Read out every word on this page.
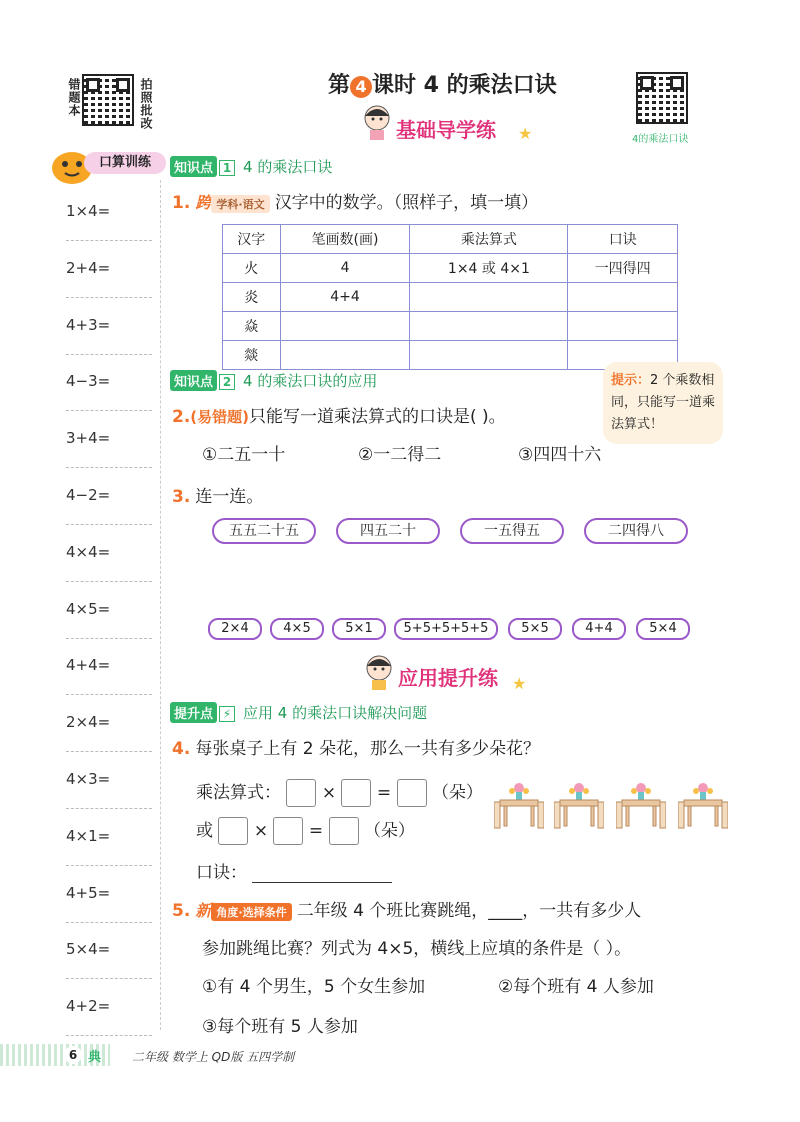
错题本	拍照批改	第 4 课时 4 的乘法口诀
4的乘法口诀
基础导学练 ★
口算训练
1×4=
2+4=
4+3=
4−3=
3+4=
4−2=
4×4=
4×5=
4+4=
2×4=
4×3=
4×1=
4+5=
5×4=
4+2=
知识点 1 4 的乘法口诀
1. 跨 学科·语文 汉字中的数学。（照样子，填一填）
汉字	笔画数(画)	乘法算式	口诀
火	4	1×4 或 4×1	一四得四
炎	4+4		
焱			
燚			
知识点 2 4 的乘法口诀的应用	提示：2 个乘数相同，只能写一道乘法算式！
2.(易错题)只能写一道乘法算式的口诀是( )。
①二五一十	②一二得二	③四四十六
3. 连一连。
五五二十五	四五二十	一五得五	二四得八
2×4	4×5	5×1	5+5+5+5+5	5×5	4+4	5×4
应用提升练 ★
提升点 ⚡ 应用 4 的乘法口诀解决问题
4. 每张桌子上有 2 朵花，那么一共有多少朵花？
乘法算式： × = （朵）
或 × = （朵）
口诀：
5. 新 角度·选择条件 二年级 4 个班比赛跳绳，____，一共有多少人
参加跳绳比赛？列式为 4×5，横线上应填的条件是（ ）。
①有 4 个男生，5 个女生参加	②每个班有 4 人参加
③每个班有 5 人参加
6 典	二年级 数学上 QD版 五四学制
